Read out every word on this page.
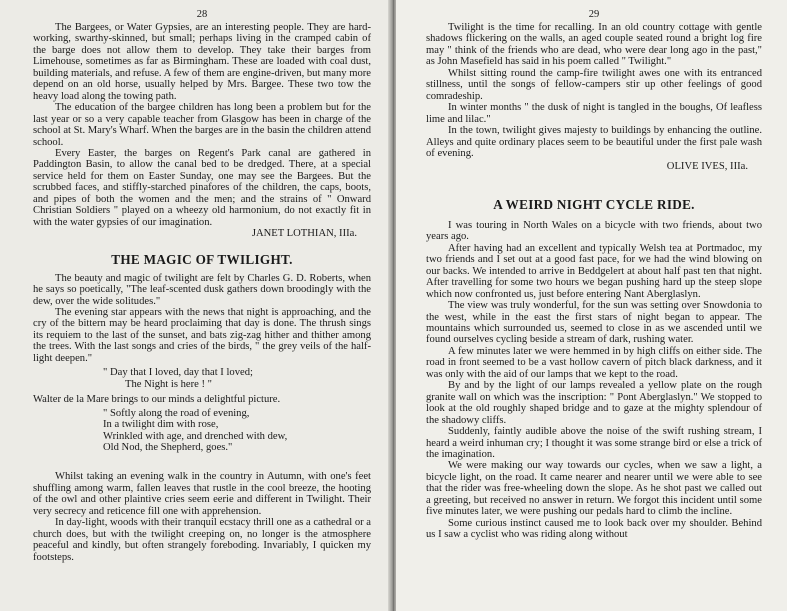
28

The Bargees, or Water Gypsies, are an interesting people. They are hard-working, swarthy-skinned, but small; perhaps living in the cramped cabin of the barge does not allow them to develop. They take their barges from Limehouse, sometimes as far as Birmingham. These are loaded with coal dust, building materials, and refuse. A few of them are engine-driven, but many more depend on an old horse, usually helped by Mrs. Bargee. These two tow the heavy load along the towing path.

The education of the bargee children has long been a problem but for the last year or so a very capable teacher from Glasgow has been in charge of the school at St. Mary's Wharf. When the barges are in the basin the children attend school.

Every Easter, the barges on Regent's Park canal are gathered in Paddington Basin, to allow the canal bed to be dredged. There, at a special service held for them on Easter Sunday, one may see the Bargees. But the scrubbed faces, and stiffly-starched pinafores of the children, the caps, boots, and pipes of both the women and the men; and the strains of " Onward Christian Soldiers " played on a wheezy old harmonium, do not exactly fit in with the water gypsies of our imagination.

JANET LOTHIAN, IIIa.
THE MAGIC OF TWILIGHT.

The beauty and magic of twilight are felt by Charles G. D. Roberts, when he says so poetically, "The leaf-scented dusk gathers down broodingly with the dew, over the wide solitudes."

The evening star appears with the news that night is approaching, and the cry of the bittern may be heard proclaiming that day is done. The thrush sings its requiem to the last of the sunset, and bats zig-zag hither and thither among the trees. With the last songs and cries of the birds, " the grey veils of the half-light deepen."

" Day that I loved, day that I loved;
The Night is here ! "

Walter de la Mare brings to our minds a delightful picture.

" Softly along the road of evening,
In a twilight dim with rose,
Wrinkled with age, and drenched with dew,
Old Nod, the Shepherd, goes."

Whilst taking an evening walk in the country in Autumn, with one's feet shuffling among warm, fallen leaves that rustle in the cool breeze, the hooting of the owl and other plaintive cries seem eerie and different in Twilight. Their very secrecy and reticence fill one with apprehension.

In day-light, woods with their tranquil ecstacy thrill one as a cathedral or a church does, but with the twilight creeping on, no longer is the atmosphere peaceful and kindly, but often strangely foreboding. Invariably, I quicken my footsteps.

29

Twilight is the time for recalling. In an old country cottage with gentle shadows flickering on the walls, an aged couple seated round a bright log fire may " think of the friends who are dead, who were dear long ago in the past," as John Masefield has said in his poem called " Twilight."

Whilst sitting round the camp-fire twilight awes one with its entranced stillness, until the songs of fellow-campers stir up other feelings of good comradeship.

In winter months " the dusk of night is tangled in the boughs, Of leafless lime and lilac."

In the town, twilight gives majesty to buildings by enhancing the outline. Alleys and quite ordinary places seem to be beautiful under the first pale wash of evening.

OLIVE IVES, IIIa.
A WEIRD NIGHT CYCLE RIDE.

I was touring in North Wales on a bicycle with two friends, about two years ago.

After having had an excellent and typically Welsh tea at Portmadoc, my two friends and I set out at a good fast pace, for we had the wind blowing on our backs. We intended to arrive in Beddgelert at about half past ten that night. After travelling for some two hours we began pushing hard up the steep slope which now confronted us, just before entering Nant Aberglaslyn.

The view was truly wonderful, for the sun was setting over Snowdonia to the west, while in the east the first stars of night began to appear. The mountains which surrounded us, seemed to close in as we ascended until we found ourselves cycling beside a stream of dark, rushing water.

A few minutes later we were hemmed in by high cliffs on either side. The road in front seemed to be a vast hollow cavern of pitch black darkness, and it was only with the aid of our lamps that we kept to the road.

By and by the light of our lamps revealed a yellow plate on the rough granite wall on which was the inscription: " Pont Aberglaslyn." We stopped to look at the old roughly shaped bridge and to gaze at the mighty splendour of the shadowy cliffs.

Suddenly, faintly audible above the noise of the swift rushing stream, I heard a weird inhuman cry; I thought it was some strange bird or else a trick of the imagination.

We were making our way towards our cycles, when we saw a light, a bicycle light, on the road. It came nearer and nearer until we were able to see that the rider was free-wheeling down the slope. As he shot past we called out a greeting, but received no answer in return. We forgot this incident until some five minutes later, we were pushing our pedals hard to climb the incline.

Some curious instinct caused me to look back over my shoulder. Behind us I saw a cyclist who was riding along without
